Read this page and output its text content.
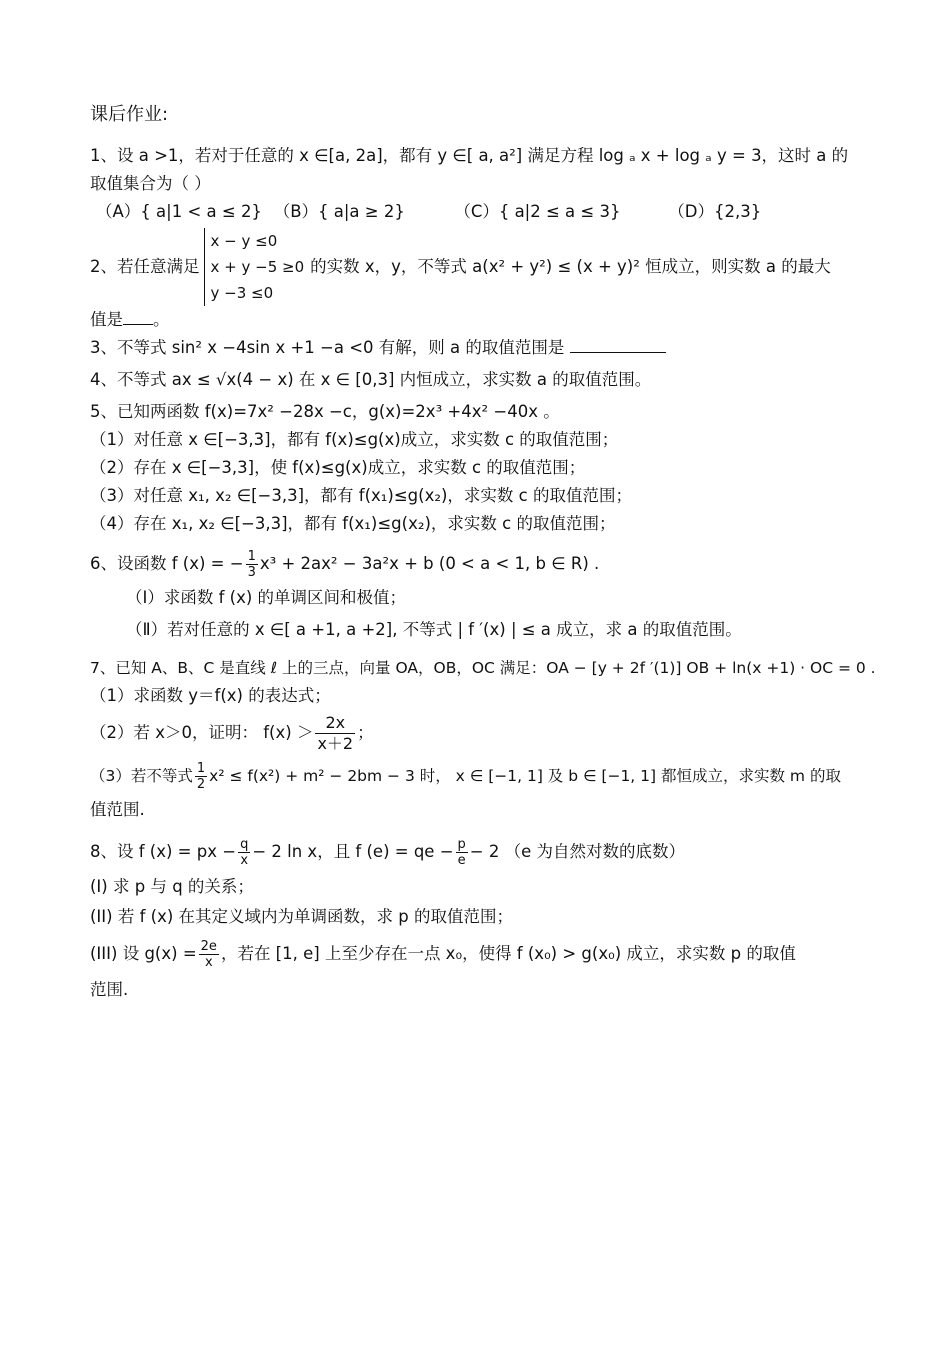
课后作业:
1、设 a >1，若对于任意的 x ∈[a, 2a]，都有 y ∈[ a, a²] 满足方程 log ₐ x + log ₐ y = 3，这时 a 的
取值集合为（ ）
（A）{ a|1 < a ≤ 2} （B）{ a|a ≥ 2}	（C）{ a|2 ≤ a ≤ 3}	（D）{2,3}
2、若任意满足
x − y ≤0
x + y −5 ≥0
y −3 ≤0
的实数 x，y，不等式 a(x² + y²) ≤ (x + y)² 恒成立，则实数 a 的最大
值是 。
3、不等式 sin² x −4sin x +1 −a <0 有解，则 a 的取值范围是
4、不等式 ax ≤ √x(4 − x) 在 x ∈ [0,3] 内恒成立，求实数 a 的取值范围。
5、已知两函数 f(x)=7x² −28x −c，g(x)=2x³ +4x² −40x 。
（1）对任意 x ∈[−3,3]，都有 f(x)≤g(x)成立，求实数 c 的取值范围；
（2）存在 x ∈[−3,3]，使 f(x)≤g(x)成立，求实数 c 的取值范围；
（3）对任意 x₁, x₂ ∈[−3,3]，都有 f(x₁)≤g(x₂)，求实数 c 的取值范围；
（4）存在 x₁, x₂ ∈[−3,3]，都有 f(x₁)≤g(x₂)，求实数 c 的取值范围；
6、设函数 f (x) = − $\frac{1}{3} x^3 + 2ax^2 - 3a^2x + b$ (0 < a < 1, b ∈ R) .
（Ⅰ）求函数 f (x) 的单调区间和极值；
（Ⅱ）若对任意的 x ∈[ a +1, a +2], 不等式 | f ′(x) | ≤ a 成立，求 a 的取值范围。
7、已知 A、B、C 是直线 ℓ 上的三点，向量 OA，OB，OC 满足：OA − [y + 2f ′(1)] OB + ln(x +1) · OC = 0 .
（1）求函数 y＝f(x) 的表达式；
（2）若 x＞0，证明： $f(x) > \frac{2x}{x+2}$ ；
（3）若不等式 $\frac{1}{2} x^2 \le f(x^2) + m^2 - 2bm - 3$ 时， x ∈ [−1, 1] 及 b ∈ [−1, 1] 都恒成立，求实数 m 的取
值范围.
8、设 f (x) = px − $\frac{q}{x} - 2$ ln x，且 f (e) = qe − $\frac{p}{e} - 2$ （e 为自然对数的底数）
(I) 求 p 与 q 的关系；
(II) 若 f (x) 在其定义域内为单调函数，求 p 的取值范围；
(III) 设 $g(x) = \frac{2e}{x}$ ，若在 [1, e] 上至少存在一点 x₀，使得 f (x₀) > g(x₀) 成立，求实数 p 的取值
范围.
